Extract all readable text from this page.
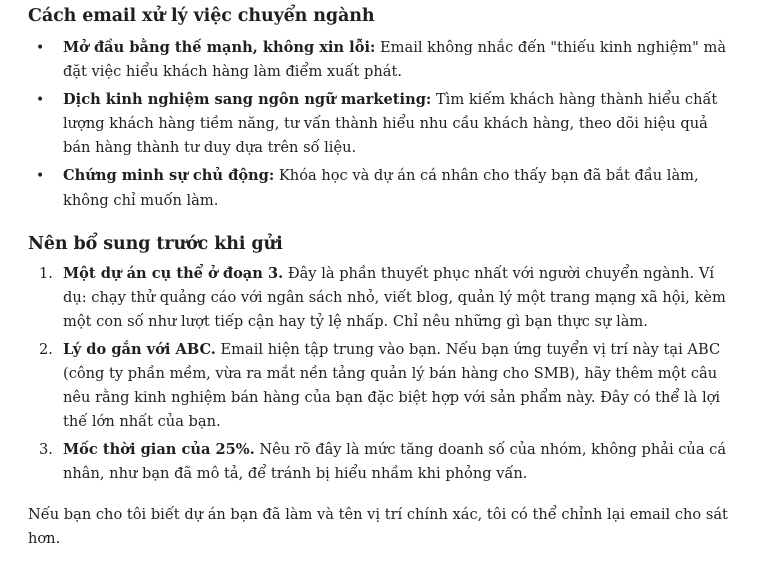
Cách email xử lý việc chuyển ngành
• Mở đầu bằng thế mạnh, không xin lỗi: Email không nhắc đến "thiếu kinh nghiệm" mà đặt việc hiểu khách hàng làm điểm xuất phát.
• Dịch kinh nghiệm sang ngôn ngữ marketing: Tìm kiếm khách hàng thành hiểu chất lượng khách hàng tiềm năng, tư vấn thành hiểu nhu cầu khách hàng, theo dõi hiệu quả bán hàng thành tư duy dựa trên số liệu.
• Chứng minh sự chủ động: Khóa học và dự án cá nhân cho thấy bạn đã bắt đầu làm, không chỉ muốn làm.
Nên bổ sung trước khi gửi
1. Một dự án cụ thể ở đoạn 3. Đây là phần thuyết phục nhất với người chuyển ngành. Ví dụ: chạy thử quảng cáo với ngân sách nhỏ, viết blog, quản lý một trang mạng xã hội, kèm một con số như lượt tiếp cận hay tỷ lệ nhấp. Chỉ nêu những gì bạn thực sự làm.
2. Lý do gắn với ABC. Email hiện tập trung vào bạn. Nếu bạn ứng tuyển vị trí này tại ABC (công ty phần mềm, vừa ra mắt nền tảng quản lý bán hàng cho SMB), hãy thêm một câu nêu rằng kinh nghiệm bán hàng của bạn đặc biệt hợp với sản phẩm này. Đây có thể là lợi thế lớn nhất của bạn.
3. Mốc thời gian của 25%. Nêu rõ đây là mức tăng doanh số của nhóm, không phải của cá nhân, như bạn đã mô tả, để tránh bị hiểu nhầm khi phỏng vấn.

Nếu bạn cho tôi biết dự án bạn đã làm và tên vị trí chính xác, tôi có thể chỉnh lại email cho sát hơn.
